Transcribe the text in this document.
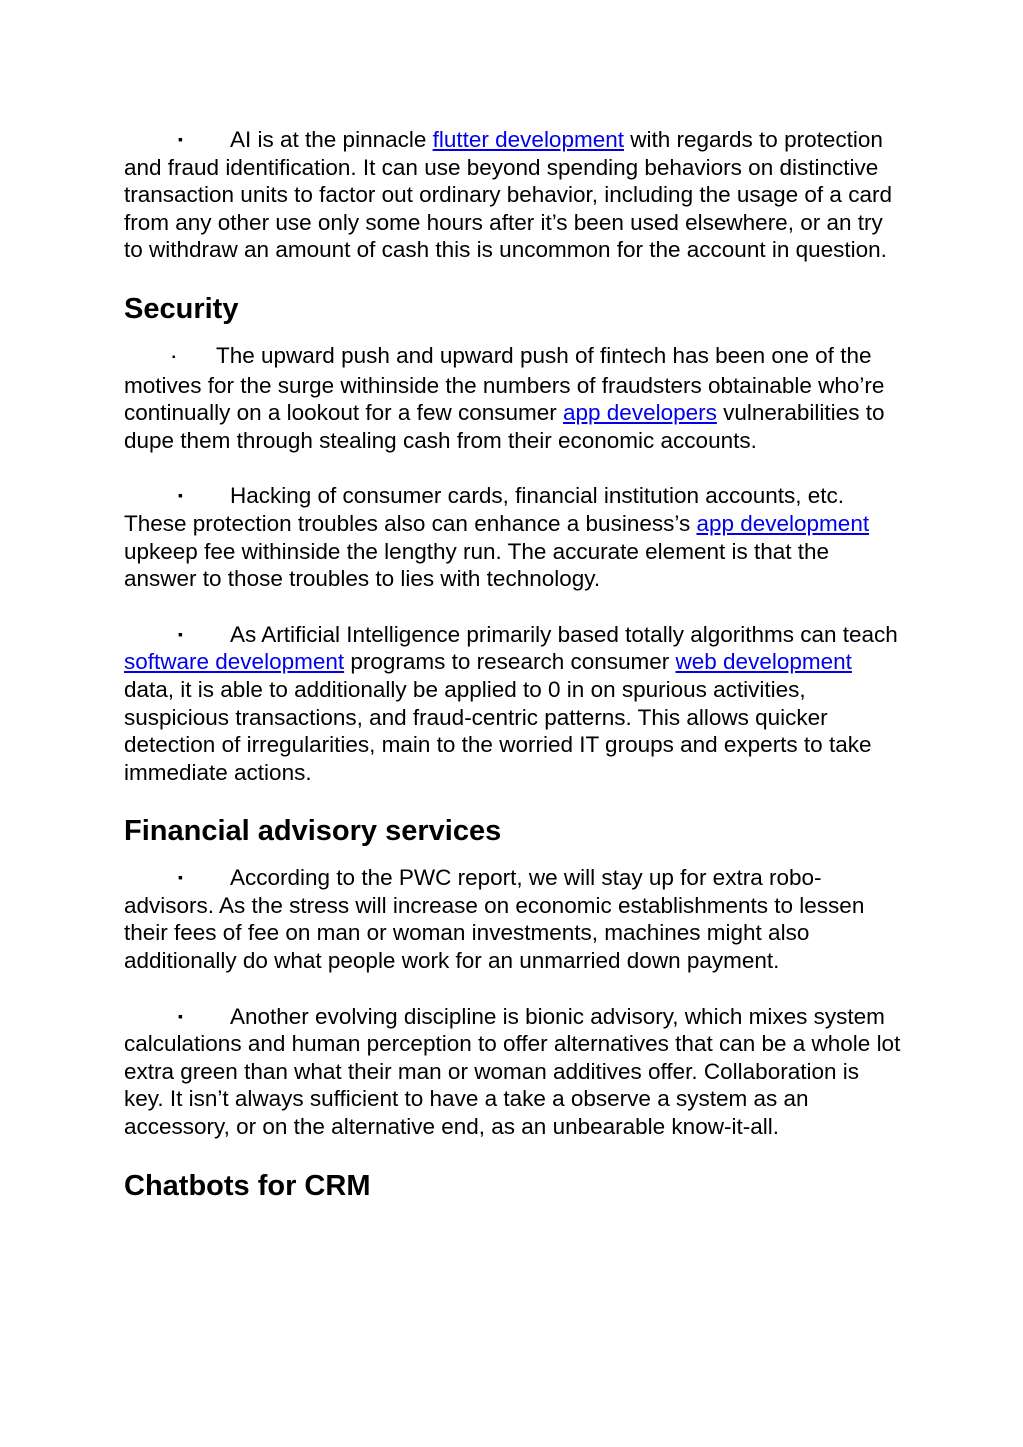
▪ AI is at the pinnacle flutter development with regards to protection and fraud identification. It can use beyond spending behaviors on distinctive transaction units to factor out ordinary behavior, including the usage of a card from any other use only some hours after it’s been used elsewhere, or an try to withdraw an amount of cash this is uncommon for the account in question.

Security

▪ The upward push and upward push of fintech has been one of the motives for the surge withinside the numbers of fraudsters obtainable who’re continually on a lookout for a few consumer app developers vulnerabilities to dupe them through stealing cash from their economic accounts.

▪ Hacking of consumer cards, financial institution accounts, etc. These protection troubles also can enhance a business’s app development upkeep fee withinside the lengthy run. The accurate element is that the answer to those troubles to lies with technology.

▪ As Artificial Intelligence primarily based totally algorithms can teach software development programs to research consumer web development data, it is able to additionally be applied to 0 in on spurious activities, suspicious transactions, and fraud-centric patterns. This allows quicker detection of irregularities, main to the worried IT groups and experts to take immediate actions.

Financial advisory services

▪ According to the PWC report, we will stay up for extra robo-advisors. As the stress will increase on economic establishments to lessen their fees of fee on man or woman investments, machines might also additionally do what people work for an unmarried down payment.

▪ Another evolving discipline is bionic advisory, which mixes system calculations and human perception to offer alternatives that can be a whole lot extra green than what their man or woman additives offer. Collaboration is key. It isn’t always sufficient to have a take a observe a system as an accessory, or on the alternative end, as an unbearable know-it-all.

Chatbots for CRM
